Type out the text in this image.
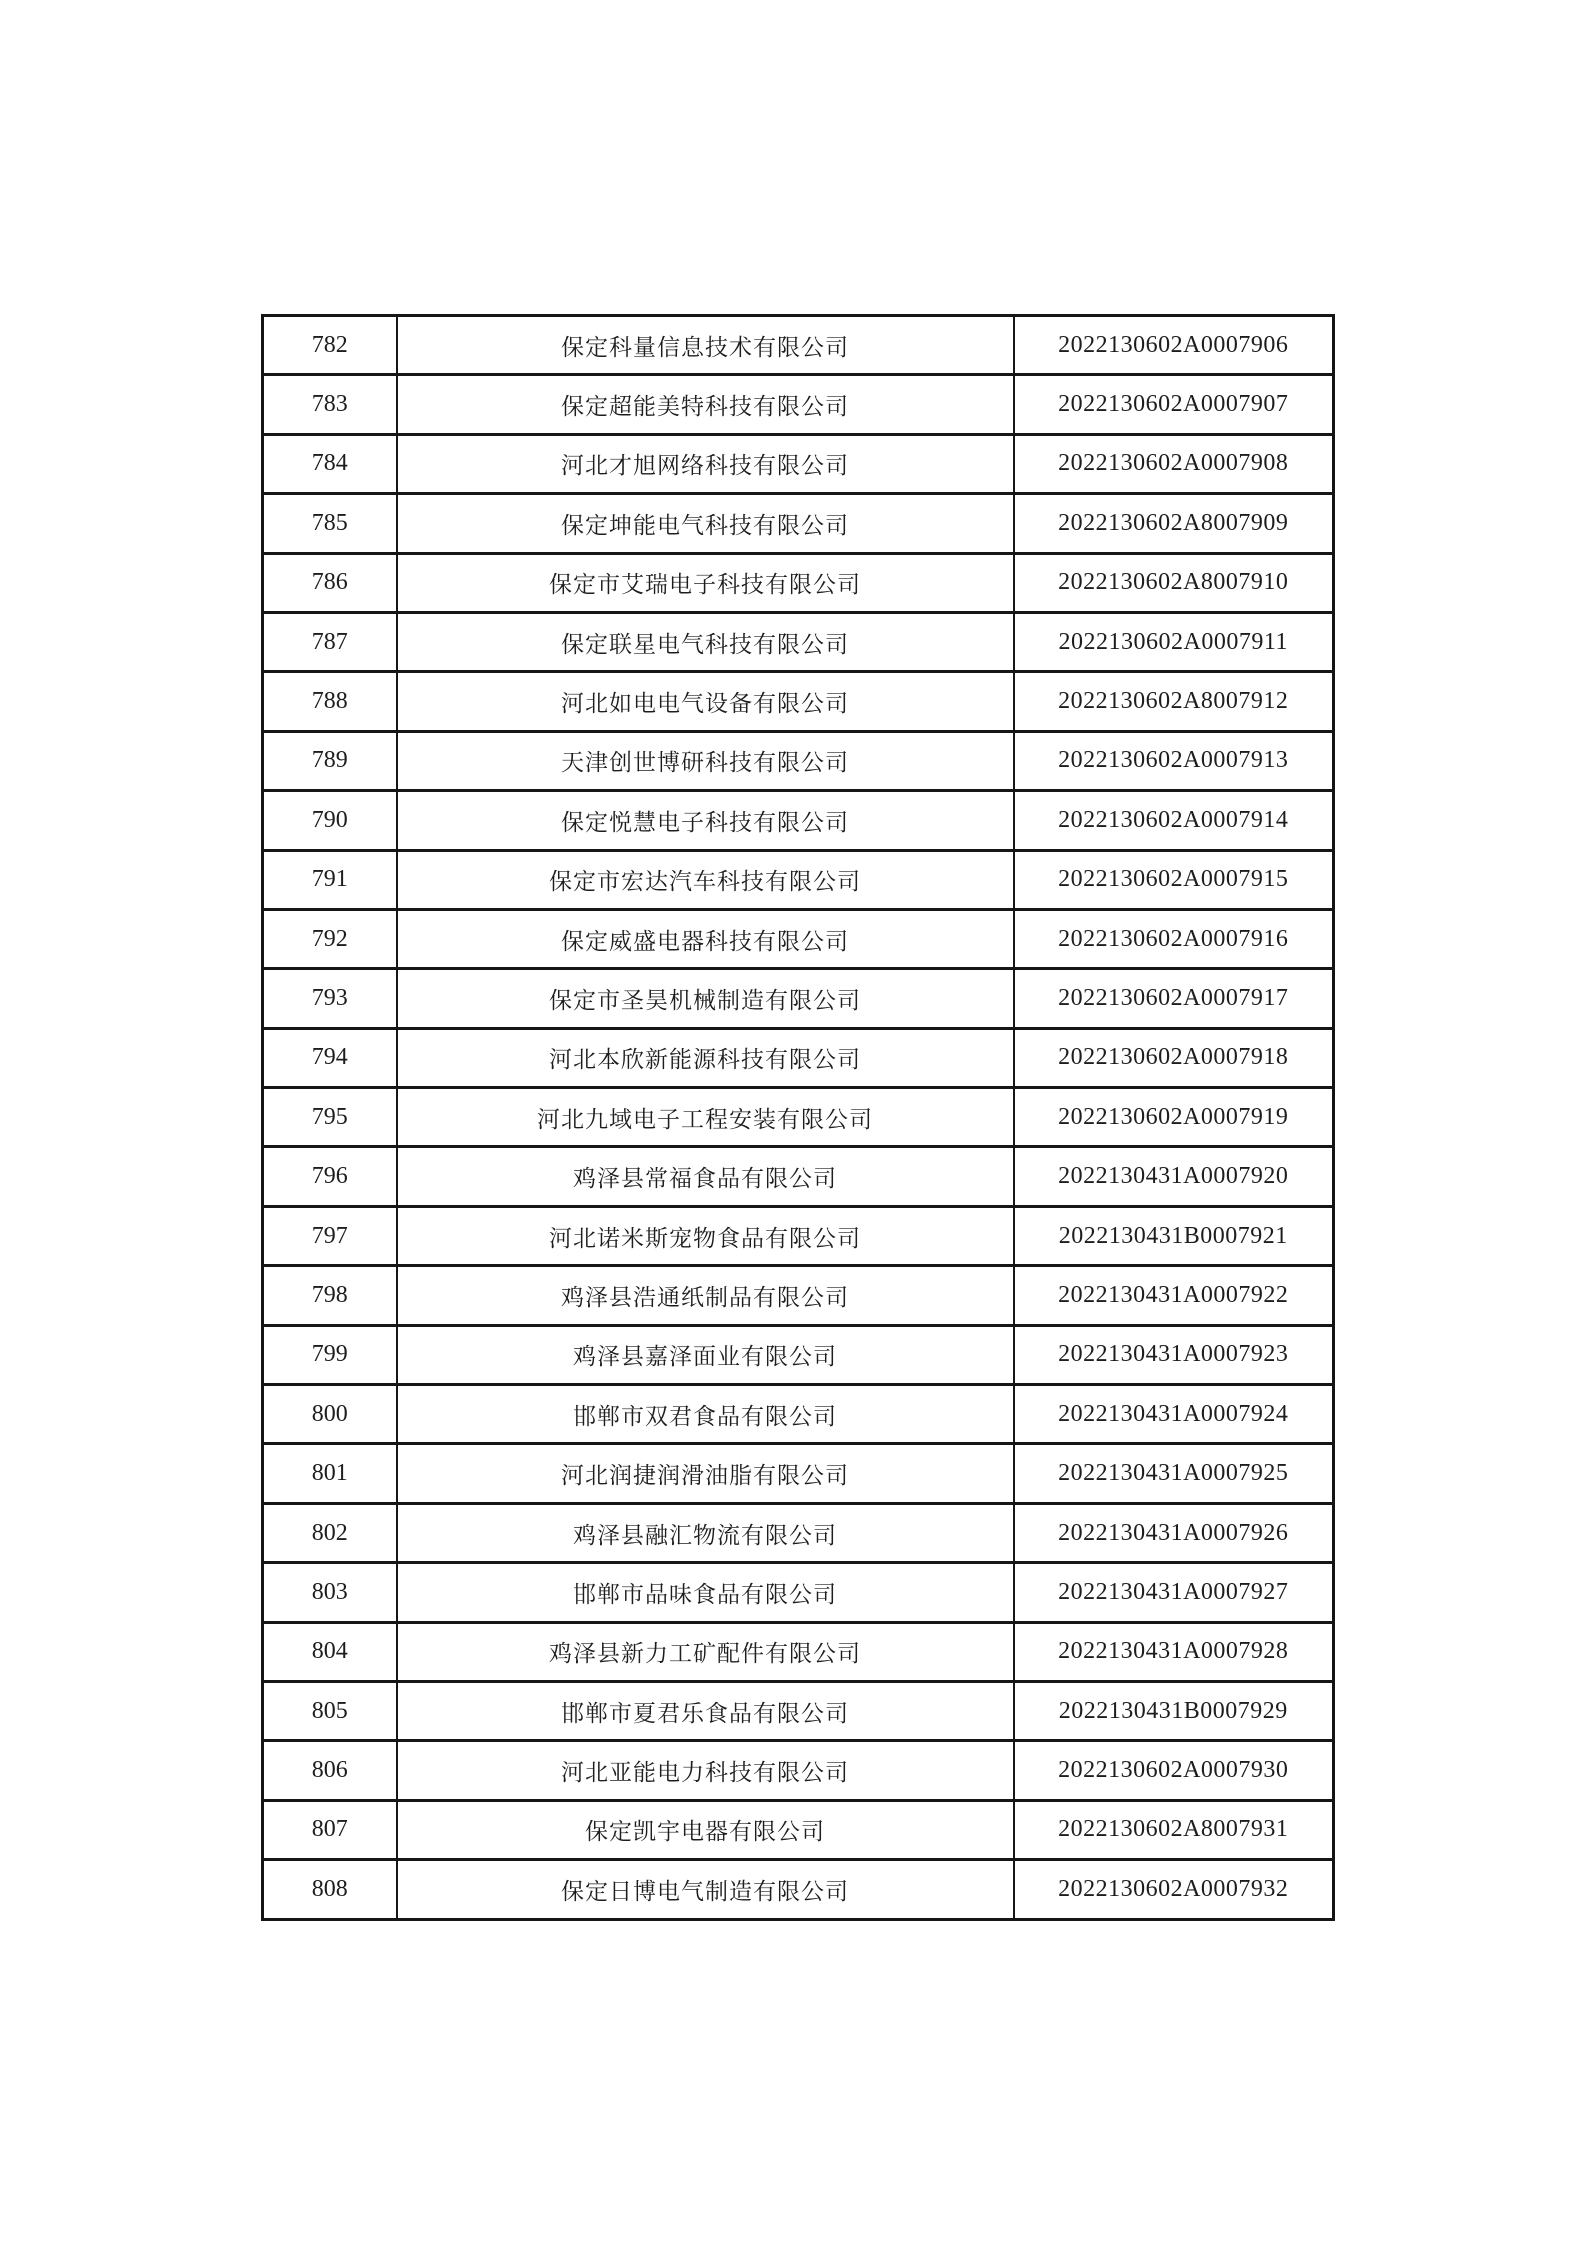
782	保定科量信息技术有限公司	2022130602A0007906
783	保定超能美特科技有限公司	2022130602A0007907
784	河北才旭网络科技有限公司	2022130602A0007908
785	保定坤能电气科技有限公司	2022130602A8007909
786	保定市艾瑞电子科技有限公司	2022130602A8007910
787	保定联星电气科技有限公司	2022130602A0007911
788	河北如电电气设备有限公司	2022130602A8007912
789	天津创世博研科技有限公司	2022130602A0007913
790	保定悦慧电子科技有限公司	2022130602A0007914
791	保定市宏达汽车科技有限公司	2022130602A0007915
792	保定威盛电器科技有限公司	2022130602A0007916
793	保定市圣昊机械制造有限公司	2022130602A0007917
794	河北本欣新能源科技有限公司	2022130602A0007918
795	河北九域电子工程安装有限公司	2022130602A0007919
796	鸡泽县常福食品有限公司	2022130431A0007920
797	河北诺米斯宠物食品有限公司	2022130431B0007921
798	鸡泽县浩通纸制品有限公司	2022130431A0007922
799	鸡泽县嘉泽面业有限公司	2022130431A0007923
800	邯郸市双君食品有限公司	2022130431A0007924
801	河北润捷润滑油脂有限公司	2022130431A0007925
802	鸡泽县融汇物流有限公司	2022130431A0007926
803	邯郸市品味食品有限公司	2022130431A0007927
804	鸡泽县新力工矿配件有限公司	2022130431A0007928
805	邯郸市夏君乐食品有限公司	2022130431B0007929
806	河北亚能电力科技有限公司	2022130602A0007930
807	保定凯宇电器有限公司	2022130602A8007931
808	保定日博电气制造有限公司	2022130602A0007932
